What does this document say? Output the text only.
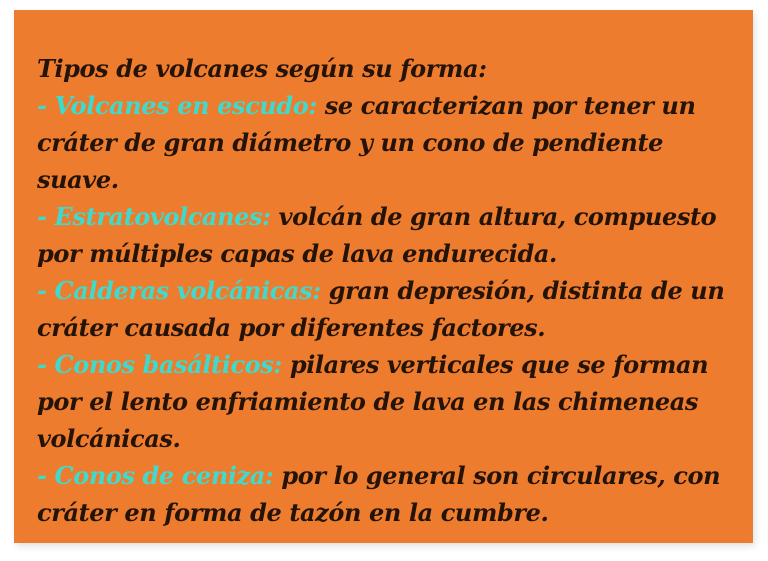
Tipos de volcanes según su forma:

- Volcanes en escudo: se caracterizan por tener un cráter de gran diámetro y un cono de pendiente suave.

- Estratovolcanes: volcán de gran altura, compuesto por múltiples capas de lava endurecida.

- Calderas volcánicas: gran depresión, distinta de un cráter causada por diferentes factores.

- Conos basálticos: pilares verticales que se forman por el lento enfriamiento de lava en las chimeneas volcánicas.

- Conos de ceniza: por lo general son circulares, con cráter en forma de tazón en la cumbre.
